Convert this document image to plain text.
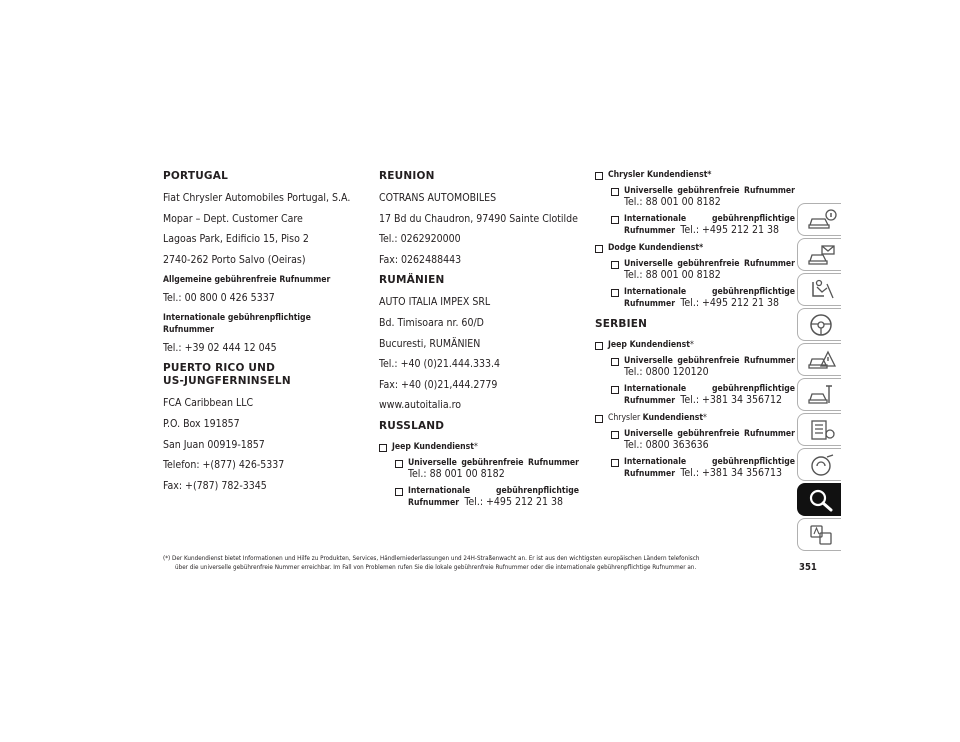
PORTUGAL
Fiat Chrysler Automobiles Portugal, S.A.
Mopar – Dept. Customer Care
Lagoas Park, Edificio 15, Piso 2
2740-262 Porto Salvo (Oeiras)
Allgemeine gebührenfreie Rufnummer
Tel.: 00 800 0 426 5337
Internationale gebührenpflichtige Rufnummer
Tel.: +39 02 444 12 045
PUERTO RICO UND
US-JUNGFERNINSELN
FCA Caribbean LLC
P.O. Box 191857
San Juan 00919-1857
Telefon: +(877) 426-5337
Fax: +(787) 782-3345
REUNION
COTRANS AUTOMOBILES
17 Bd du Chaudron, 97490 Sainte Clotilde
Tel.: 0262920000
Fax: 0262488443
RUMÄNIEN
AUTO ITALIA IMPEX SRL
Bd. Timisoara nr. 60/D
Bucuresti, RUMÄNIEN
Tel.: +40 (0)21.444.333.4
Fax: +40 (0)21,444.2779
www.autoitalia.ro
RUSSLAND
Jeep Kundendienst*
Universelle gebührenfreie Rufnummer
Tel.: 88 001 00 8182
Internationale gebührenpflichtige Rufnummer Tel.: +495 212 21 38
Chrysler Kundendienst*
Universelle gebührenfreie Rufnummer
Tel.: 88 001 00 8182
Internationale gebührenpflichtige Rufnummer Tel.: +495 212 21 38
Dodge Kundendienst*
Universelle gebührenfreie Rufnummer
Tel.: 88 001 00 8182
Internationale gebührenpflichtige Rufnummer Tel.: +495 212 21 38
SERBIEN
Jeep Kundendienst*
Universelle gebührenfreie Rufnummer
Tel.: 0800 120120
Internationale gebührenpflichtige Rufnummer Tel.: +381 34 356712
Chrysler Kundendienst*
Universelle gebührenfreie Rufnummer
Tel.: 0800 363636
Internationale gebührenpflichtige Rufnummer Tel.: +381 34 356713
(*) Der Kundendienst bietet Informationen und Hilfe zu Produkten, Services, Händlerniederlassungen und 24H-Straßenwacht an. Er ist aus den wichtigsten europäischen Ländern telefonisch
über die universelle gebührenfreie Nummer erreichbar. Im Fall von Problemen rufen Sie die lokale gebührenfreie Rufnummer oder die internationale gebührenpflichtige Rufnummer an.	351
